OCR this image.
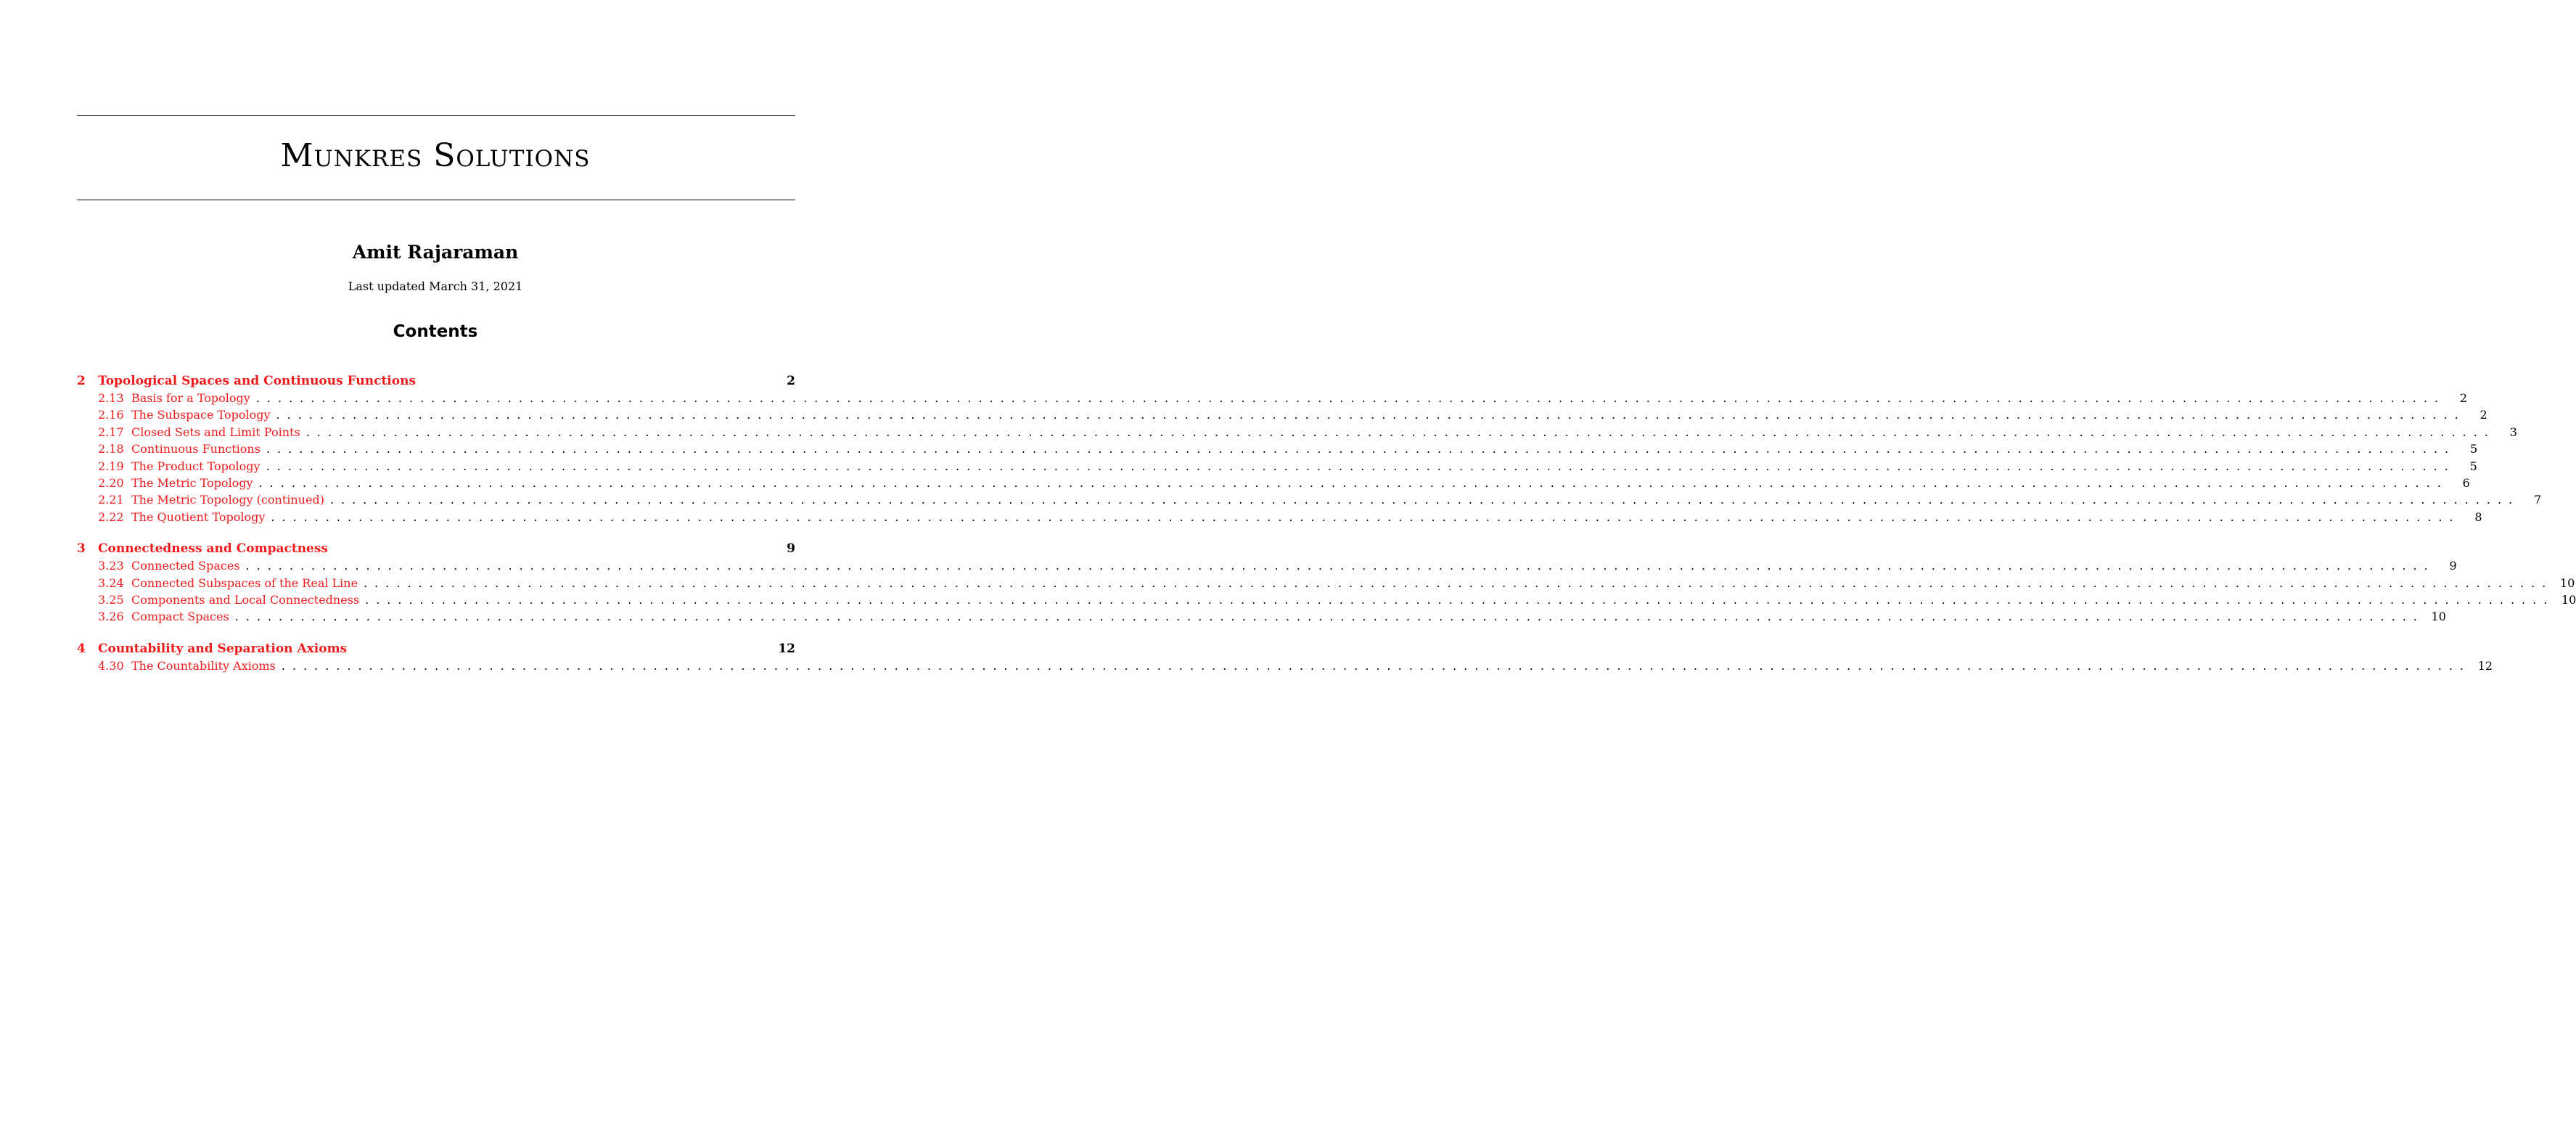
Munkres Solutions
Amit Rajaraman
Last updated March 31, 2021
Contents
2	Topological Spaces and Continuous Functions	2
2.13 Basis for a Topology ........................................................................................................................................................................................................	2
2.16 The Subspace Topology ........................................................................................................................................................................................................	2
2.17 Closed Sets and Limit Points ........................................................................................................................................................................................................	3
2.18 Continuous Functions ........................................................................................................................................................................................................	5
2.19 The Product Topology ........................................................................................................................................................................................................	5
2.20 The Metric Topology ........................................................................................................................................................................................................	6
2.21 The Metric Topology (continued) ........................................................................................................................................................................................................	7
2.22 The Quotient Topology ........................................................................................................................................................................................................	8
3	Connectedness and Compactness	9
3.23 Connected Spaces ........................................................................................................................................................................................................	9
3.24 Connected Subspaces of the Real Line ........................................................................................................................................................................................................ 10
3.25 Components and Local Connectedness ........................................................................................................................................................................................................ 10
3.26 Compact Spaces ........................................................................................................................................................................................................ 10
4	Countability and Separation Axioms	12
4.30 The Countability Axioms ........................................................................................................................................................................................................ 12
